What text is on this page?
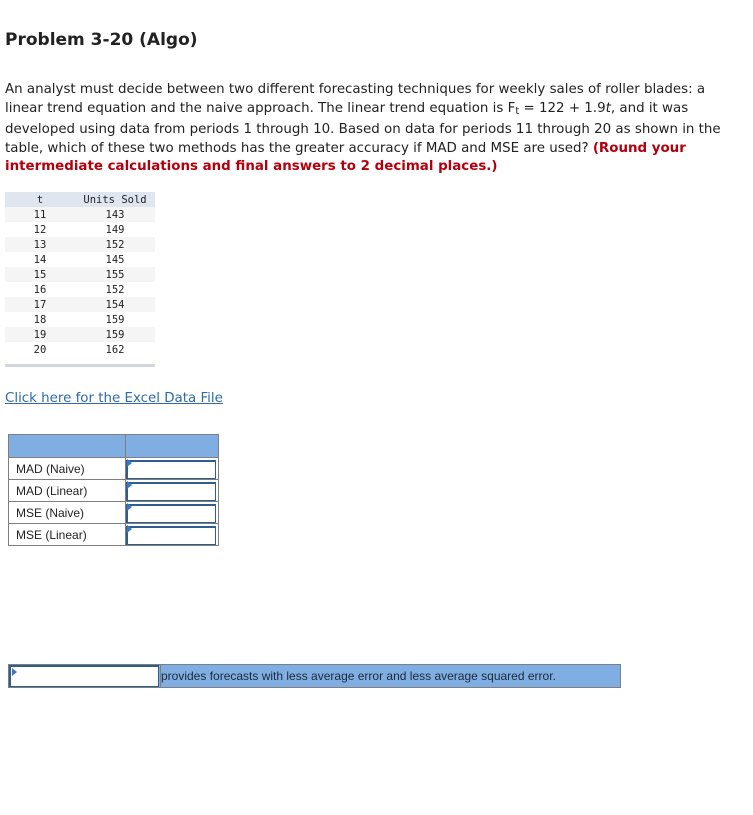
Problem 3-20 (Algo)
An analyst must decide between two different forecasting techniques for weekly sales of roller blades: a linear trend equation and the naive approach. The linear trend equation is $F_t = 122 + 1.9t$, and it was developed using data from periods 1 through 10. Based on data for periods 11 through 20 as shown in the table, which of these two methods has the greater accuracy if MAD and MSE are used? (Round your intermediate calculations and final answers to 2 decimal places.)
t	Units Sold
11	143
12	149
13	152
14	145
15	155
16	152
17	154
18	159
19	159
20	162
Click here for the Excel Data File

MAD (Naive)	

MAD (Linear)	

MSE (Naive)	

MSE (Linear)	
provides forecasts with less average error and less average squared error.
